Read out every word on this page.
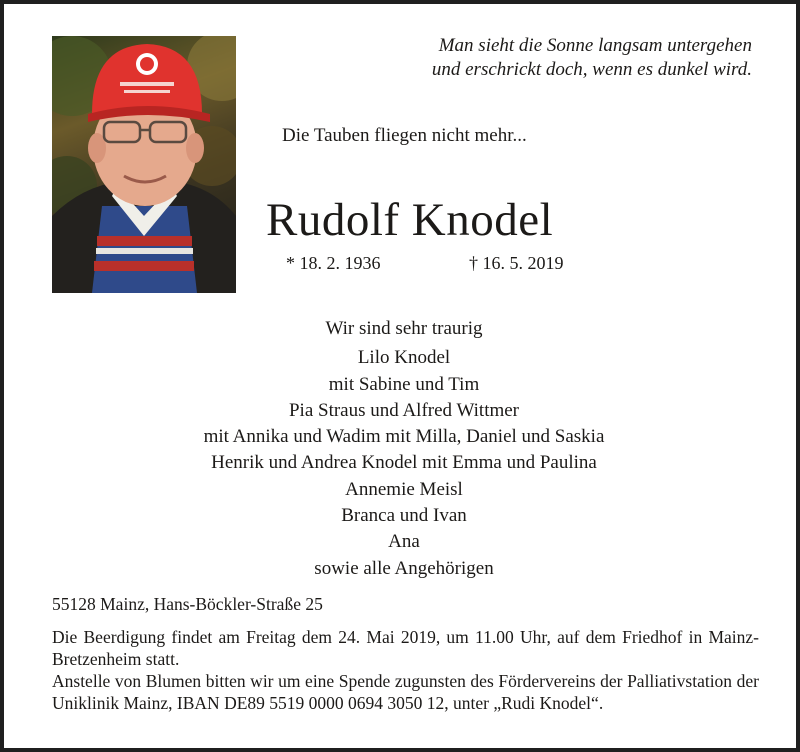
Man sieht die Sonne langsam untergehen
und erschrickt doch, wenn es dunkel wird.
Die Tauben fliegen nicht mehr...
Rudolf Knodel
* 18. 2. 1936	† 16. 5. 2019
Wir sind sehr traurig
Lilo Knodel
mit Sabine und Tim
Pia Straus und Alfred Wittmer
mit Annika und Wadim mit Milla, Daniel und Saskia
Henrik und Andrea Knodel mit Emma und Paulina
Annemie Meisl
Branca und Ivan
Ana
sowie alle Angehörigen
55128 Mainz, Hans-Böckler-Straße 25

Die Beerdigung findet am Freitag dem 24. Mai 2019, um 11.00 Uhr, auf dem Friedhof in Mainz-Bretzenheim statt.

Anstelle von Blumen bitten wir um eine Spende zugunsten des Fördervereins der Palliativstation der Uniklinik Mainz, IBAN DE89 5519 0000 0694 3050 12, unter „Rudi Knodel“.
